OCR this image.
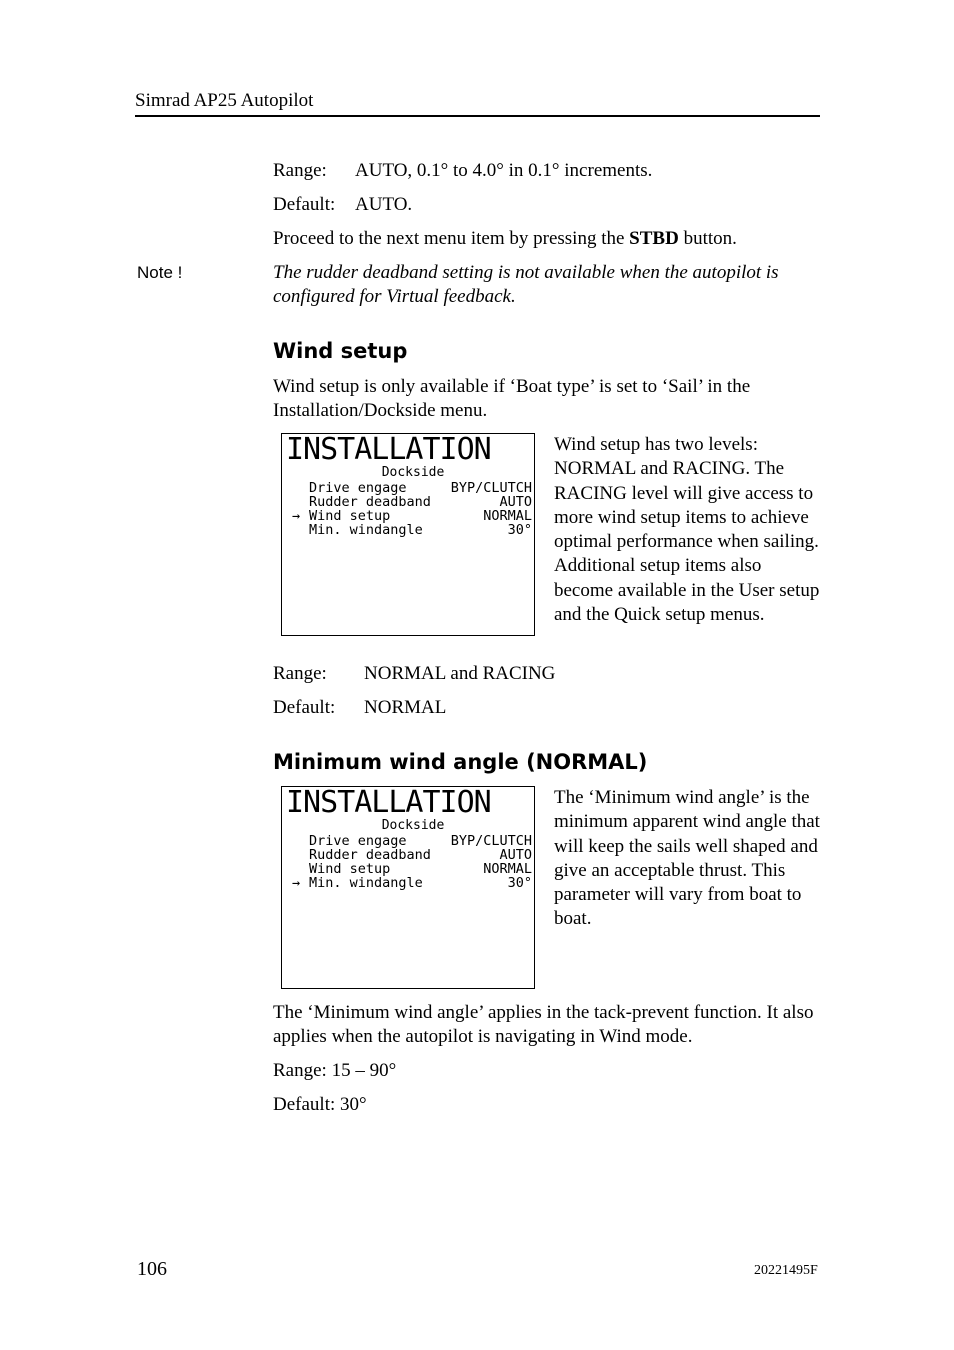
Simrad AP25 Autopilot
Range: AUTO, 0.1° to 4.0° in 0.1° increments.
Default: AUTO.
Proceed to the next menu item by pressing the STBD button.
Note !	The rudder deadband setting is not available when the autopilot is configured for Virtual feedback.
Wind setup
Wind setup is only available if ‘Boat type’ is set to ‘Sail’ in the Installation/Dockside menu.
INSTALLATION
Dockside
Drive engage	BYP/CLUTCH
Rudder deadband	AUTO
→ Wind setup	NORMAL
Min. windangle	30°
Wind setup has two levels: NORMAL and RACING. The RACING level will give access to more wind setup items to achieve optimal performance when sailing. Additional setup items also become available in the User setup and the Quick setup menus.
Range: NORMAL and RACING
Default: NORMAL
Minimum wind angle (NORMAL)
INSTALLATION
Dockside
Drive engage	BYP/CLUTCH
Rudder deadband	AUTO
Wind setup	NORMAL
→ Min. windangle	30°
The ‘Minimum wind angle’ is the minimum apparent wind angle that will keep the sails well shaped and give an acceptable thrust. This parameter will vary from boat to boat.
The ‘Minimum wind angle’ applies in the tack-prevent function. It also applies when the autopilot is navigating in Wind mode.
Range: 15 – 90°
Default: 30°
106	20221495F
